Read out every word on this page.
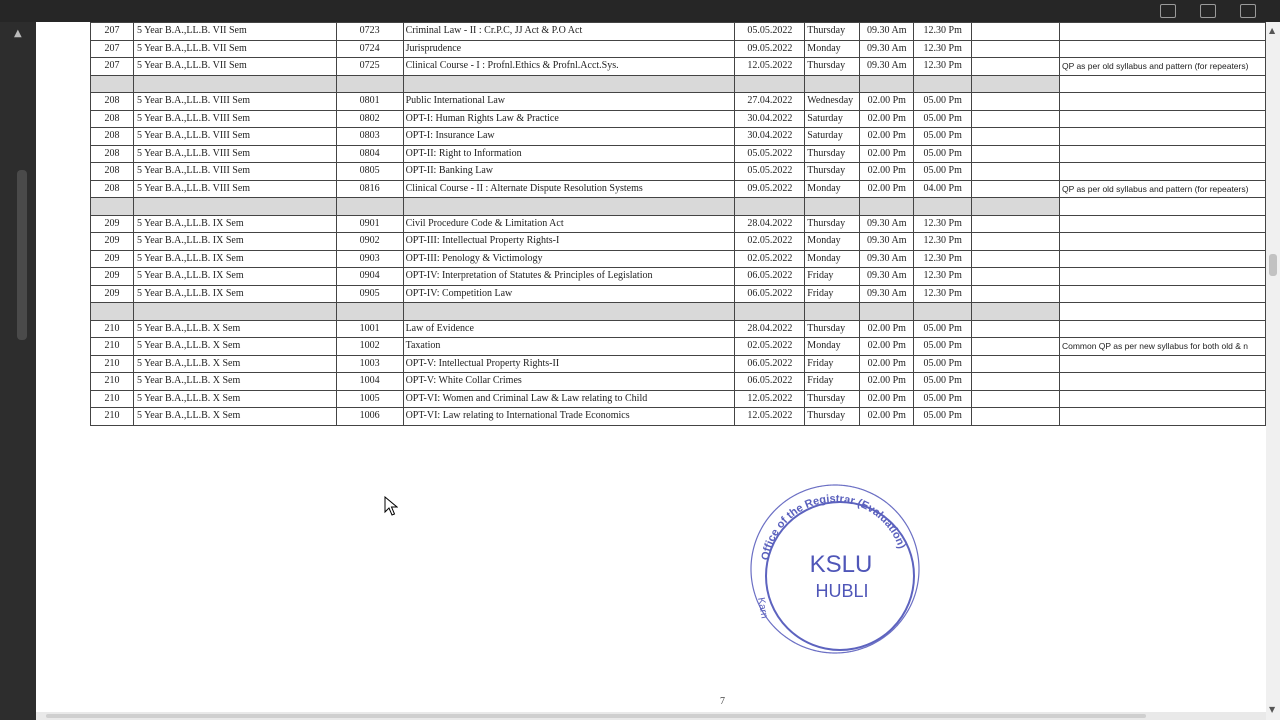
▲	207	5 Year B.A.,LL.B. VII Sem	0723	Criminal Law - II : Cr.P.C, JJ Act & P.O Act	05.05.2022	Thursday	09.30 Am	12.30 Pm		
207	5 Year B.A.,LL.B. VII Sem	0724	Jurisprudence	09.05.2022	Monday	09.30 Am	12.30 Pm		
207	5 Year B.A.,LL.B. VII Sem	0725	Clinical Course - I : Profnl.Ethics & Profnl.Acct.Sys.	12.05.2022	Thursday	09.30 Am	12.30 Pm		QP as per old syllabus and pattern (for repeaters)

208	5 Year B.A.,LL.B. VIII Sem	0801	Public International Law	27.04.2022	Wednesday	02.00 Pm	05.00 Pm		
208	5 Year B.A.,LL.B. VIII Sem	0802	OPT-I: Human Rights Law & Practice	30.04.2022	Saturday	02.00 Pm	05.00 Pm		
208	5 Year B.A.,LL.B. VIII Sem	0803	OPT-I: Insurance Law	30.04.2022	Saturday	02.00 Pm	05.00 Pm		
208	5 Year B.A.,LL.B. VIII Sem	0804	OPT-II: Right to Information	05.05.2022	Thursday	02.00 Pm	05.00 Pm		
208	5 Year B.A.,LL.B. VIII Sem	0805	OPT-II: Banking Law	05.05.2022	Thursday	02.00 Pm	05.00 Pm		
208	5 Year B.A.,LL.B. VIII Sem	0816	Clinical Course - II : Alternate Dispute Resolution Systems	09.05.2022	Monday	02.00 Pm	04.00 Pm		QP as per old syllabus and pattern (for repeaters)

209	5 Year B.A.,LL.B. IX Sem	0901	Civil Procedure Code & Limitation Act	28.04.2022	Thursday	09.30 Am	12.30 Pm		
209	5 Year B.A.,LL.B. IX Sem	0902	OPT-III: Intellectual Property Rights-I	02.05.2022	Monday	09.30 Am	12.30 Pm		
209	5 Year B.A.,LL.B. IX Sem	0903	OPT-III: Penology & Victimology	02.05.2022	Monday	09.30 Am	12.30 Pm		
209	5 Year B.A.,LL.B. IX Sem	0904	OPT-IV: Interpretation of Statutes & Principles of Legislation	06.05.2022	Friday	09.30 Am	12.30 Pm		
209	5 Year B.A.,LL.B. IX Sem	0905	OPT-IV: Competition Law	06.05.2022	Friday	09.30 Am	12.30 Pm		

210	5 Year B.A.,LL.B. X Sem	1001	Law of Evidence	28.04.2022	Thursday	02.00 Pm	05.00 Pm		
210	5 Year B.A.,LL.B. X Sem	1002	Taxation	02.05.2022	Monday	02.00 Pm	05.00 Pm		Common QP as per new syllabus for both old & n
210	5 Year B.A.,LL.B. X Sem	1003	OPT-V: Intellectual Property Rights-II	06.05.2022	Friday	02.00 Pm	05.00 Pm		
210	5 Year B.A.,LL.B. X Sem	1004	OPT-V: White Collar Crimes	06.05.2022	Friday	02.00 Pm	05.00 Pm		
210	5 Year B.A.,LL.B. X Sem	1005	OPT-VI: Women and Criminal Law & Law relating to Child	12.05.2022	Thursday	02.00 Pm	05.00 Pm		
210	5 Year B.A.,LL.B. X Sem	1006	OPT-VI: Law relating to International Trade Economics	12.05.2022	Thursday	02.00 Pm	05.00 Pm		
Office of the Registrar (Evaluation)
Karn
KSLU
HUBLI
7
▲
▼
